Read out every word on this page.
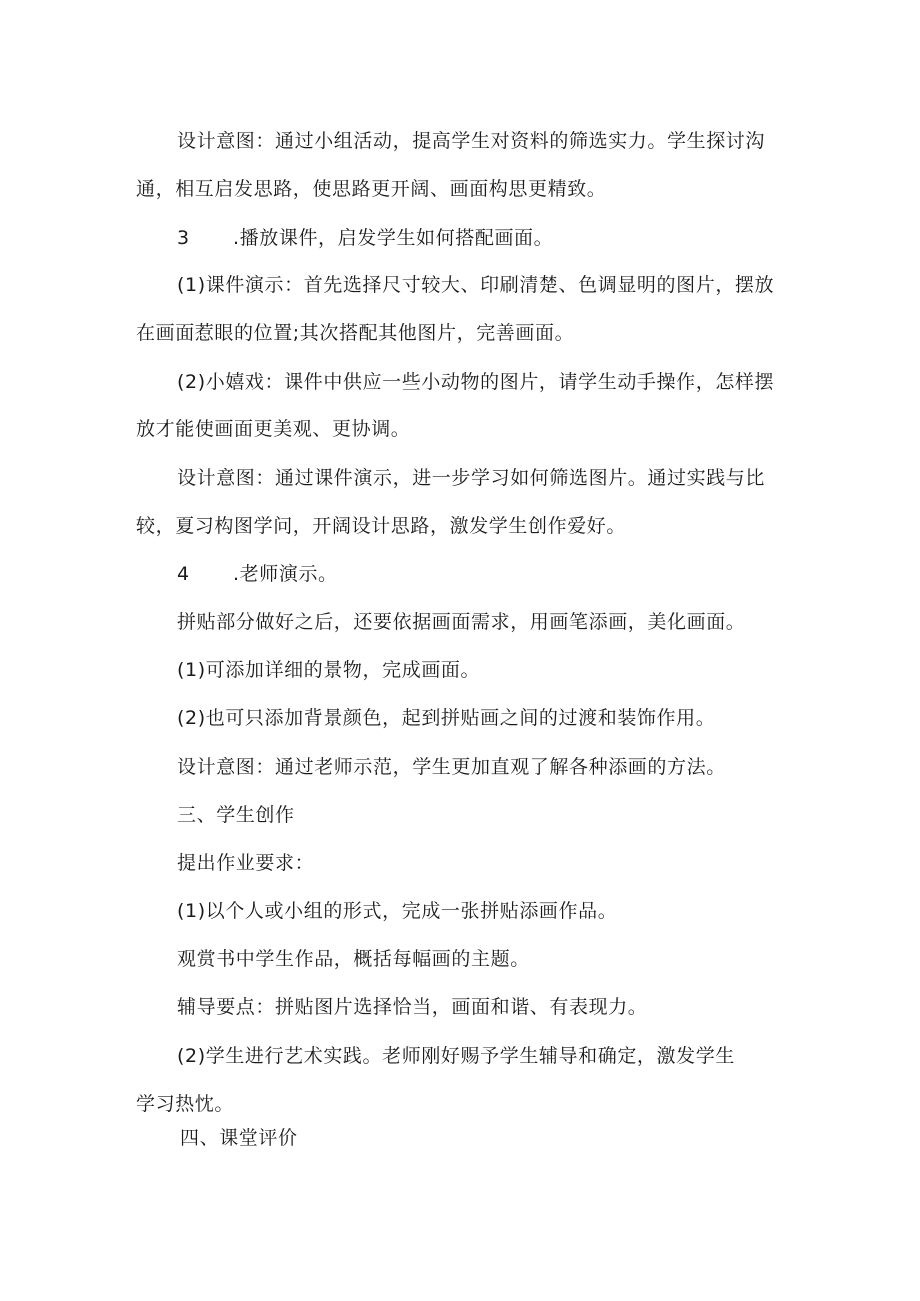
设计意图：通过小组活动，提高学生对资料的筛选实力。学生探讨沟
通，相互启发思路，使思路更开阔、画面构思更精致。
3 .播放课件，启发学生如何搭配画面。
(1)课件演示：首先选择尺寸较大、印刷清楚、色调显明的图片，摆放
在画面惹眼的位置;其次搭配其他图片，完善画面。
(2)小嬉戏：课件中供应一些小动物的图片，请学生动手操作，怎样摆
放才能使画面更美观、更协调。
设计意图：通过课件演示，进一步学习如何筛选图片。通过实践与比
较，夏习构图学问，开阔设计思路，激发学生创作爱好。
4 .老师演示。
拼贴部分做好之后，还要依据画面需求，用画笔添画，美化画面。
(1)可添加详细的景物，完成画面。
(2)也可只添加背景颜色，起到拼贴画之间的过渡和装饰作用。
设计意图：通过老师示范，学生更加直观了解各种添画的方法。
三、学生创作
提出作业要求：
(1)以个人或小组的形式，完成一张拼贴添画作品。
观赏书中学生作品，概括每幅画的主题。
辅导要点：拼贴图片选择恰当，画面和谐、有表现力。
(2)学生进行艺术实践。老师刚好赐予学生辅导和确定，激发学生
学习热忱。
四、课堂评价
